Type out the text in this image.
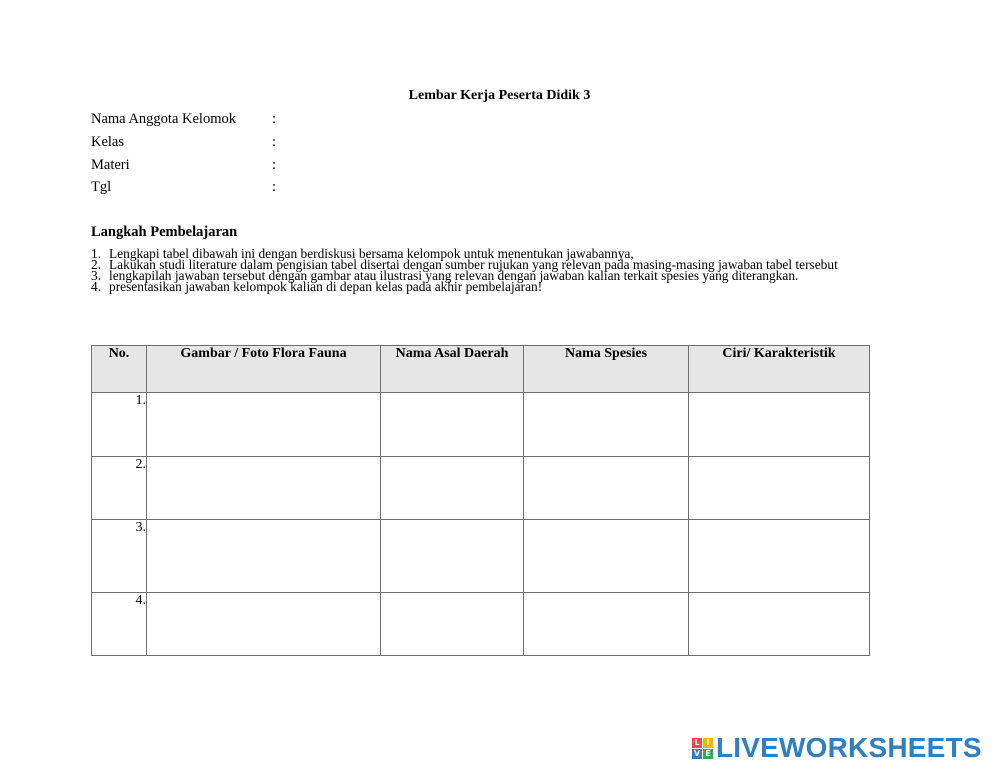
Lembar Kerja Peserta Didik 3
Nama Anggota Kelomok :
Kelas	:
Materi	:
Tgl	:
Langkah Pembelajaran
1. Lengkapi tabel dibawah ini dengan berdiskusi bersama kelompok untuk menentukan jawabannya,
2. Lakukan studi literature dalam pengisian tabel disertai dengan sumber rujukan yang relevan pada masing-masing jawaban tabel tersebut
3. lengkapilah jawaban tersebut dengan gambar atau ilustrasi yang relevan dengan jawaban kalian terkait spesies yang diterangkan.
4. presentasikan jawaban kelompok kalian di depan kelas pada akhir pembelajaran!
No.	Gambar / Foto Flora Fauna	Nama Asal Daerah	Nama Spesies	Ciri/ Karakteristik
1.				
2.				
3.				
4.				
L I
V E LIVEWORKSHEETS
